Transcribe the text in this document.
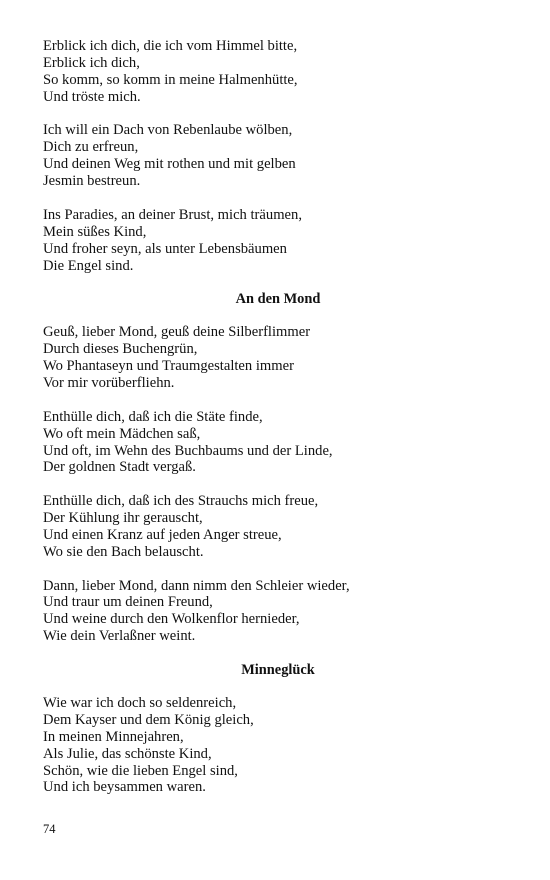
Erblick ich dich, die ich vom Himmel bitte,
Erblick ich dich,
So komm, so komm in meine Halmenhütte,
Und tröste mich.
Ich will ein Dach von Rebenlaube wölben,
Dich zu erfreun,
Und deinen Weg mit rothen und mit gelben
Jesmin bestreun.
Ins Paradies, an deiner Brust, mich träumen,
Mein süßes Kind,
Und froher seyn, als unter Lebensbäumen
Die Engel sind.
An den Mond
Geuß, lieber Mond, geuß deine Silberflimmer
Durch dieses Buchengrün,
Wo Phantaseyn und Traumgestalten immer
Vor mir vorüberfliehn.
Enthülle dich, daß ich die Stäte finde,
Wo oft mein Mädchen saß,
Und oft, im Wehn des Buchbaums und der Linde,
Der goldnen Stadt vergaß.
Enthülle dich, daß ich des Strauchs mich freue,
Der Kühlung ihr gerauscht,
Und einen Kranz auf jeden Anger streue,
Wo sie den Bach belauscht.
Dann, lieber Mond, dann nimm den Schleier wieder,
Und traur um deinen Freund,
Und weine durch den Wolkenflor hernieder,
Wie dein Verlaßner weint.
Minneglück
Wie war ich doch so seldenreich,
Dem Kayser und dem König gleich,
In meinen Minnejahren,
Als Julie, das schönste Kind,
Schön, wie die lieben Engel sind,
Und ich beysammen waren.
74
